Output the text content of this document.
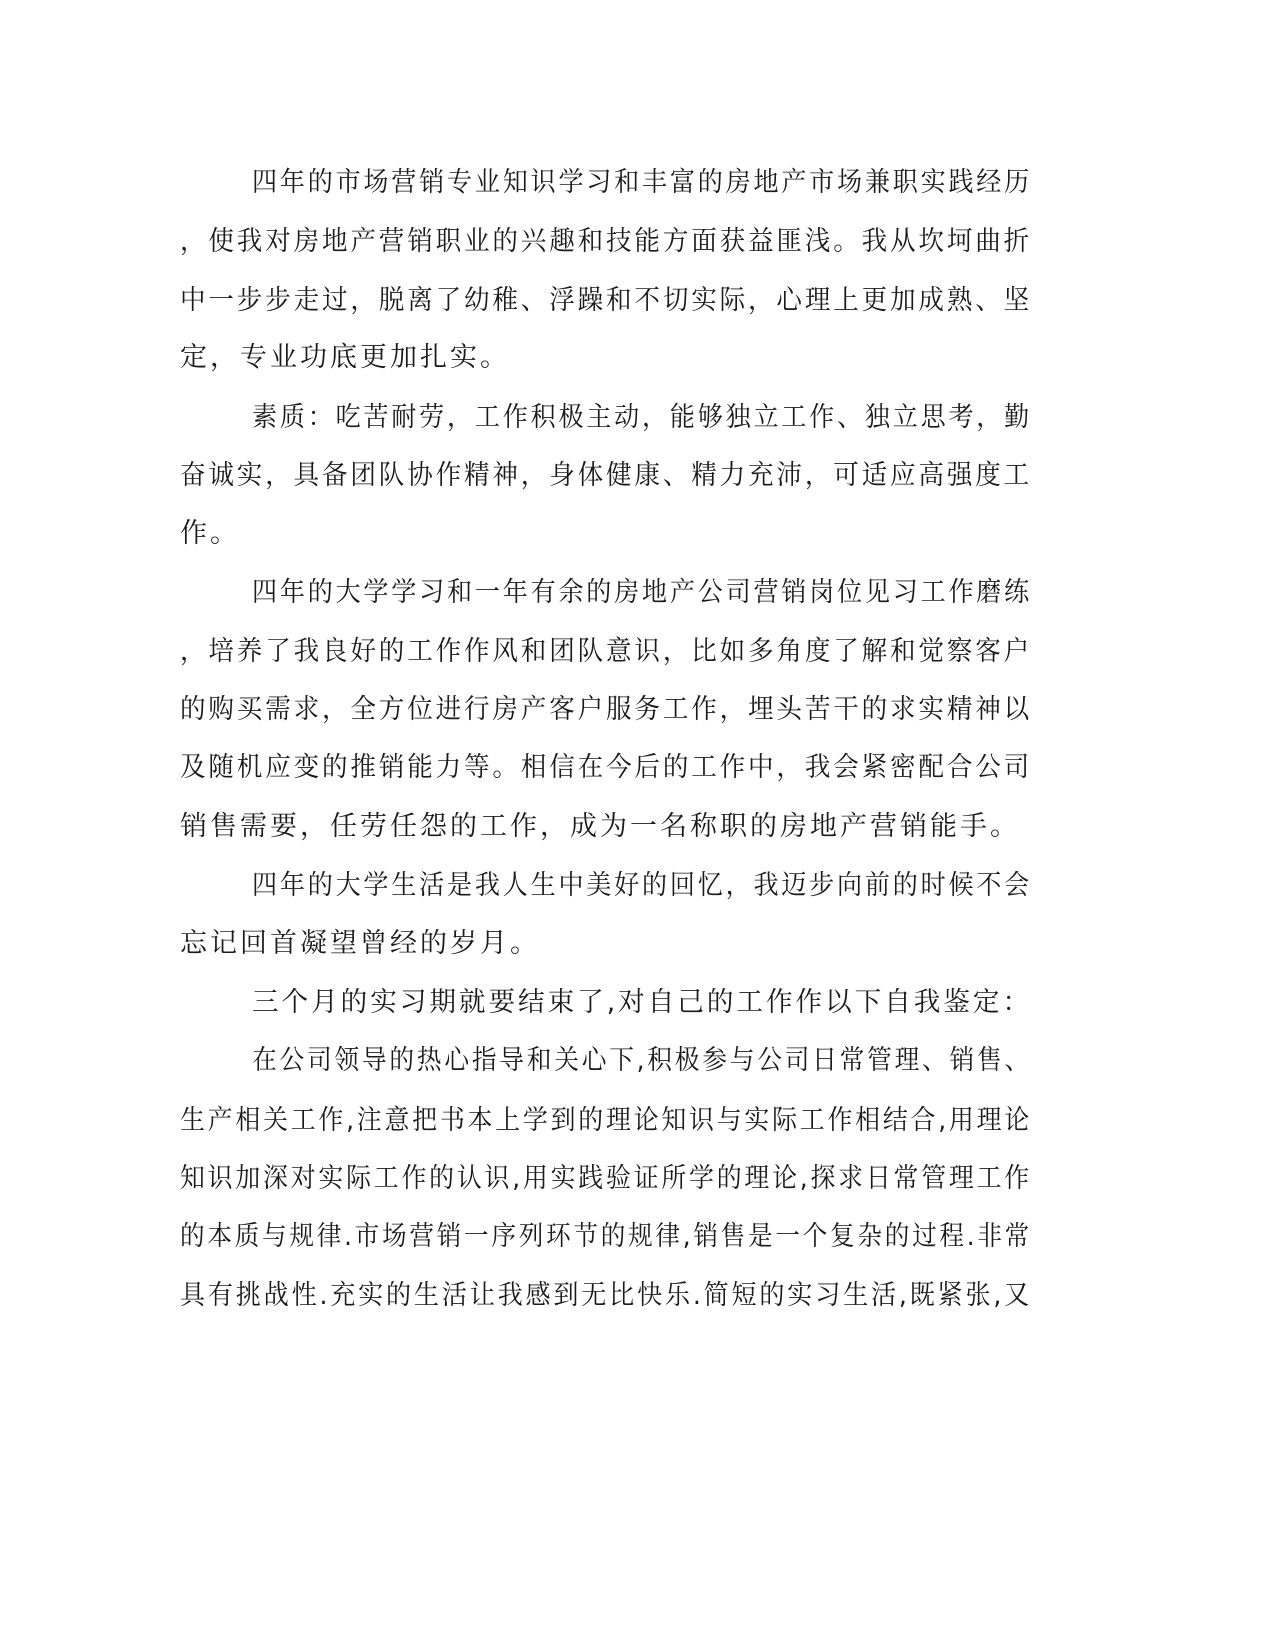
四年的市场营销专业知识学习和丰富的房地产市场兼职实践经历

，使我对房地产营销职业的兴趣和技能方面获益匪浅。我从坎坷曲折

中一步步走过，脱离了幼稚、浮躁和不切实际，心理上更加成熟、坚

定，专业功底更加扎实。

素质：吃苦耐劳，工作积极主动，能够独立工作、独立思考，勤

奋诚实，具备团队协作精神，身体健康、精力充沛，可适应高强度工

作。

四年的大学学习和一年有余的房地产公司营销岗位见习工作磨练

，培养了我良好的工作作风和团队意识，比如多角度了解和觉察客户

的购买需求，全方位进行房产客户服务工作，埋头苦干的求实精神以

及随机应变的推销能力等。相信在今后的工作中，我会紧密配合公司

销售需要，任劳任怨的工作，成为一名称职的房地产营销能手。

四年的大学生活是我人生中美好的回忆，我迈步向前的时候不会

忘记回首凝望曾经的岁月。

三个月的实习期就要结束了,对自己的工作作以下自我鉴定：

在公司领导的热心指导和关心下,积极参与公司日常管理、销售、

生产相关工作,注意把书本上学到的理论知识与实际工作相结合,用理论

知识加深对实际工作的认识,用实践验证所学的理论,探求日常管理工作

的本质与规律.市场营销一序列环节的规律,销售是一个复杂的过程.非常

具有挑战性.充实的生活让我感到无比快乐.简短的实习生活,既紧张,又
